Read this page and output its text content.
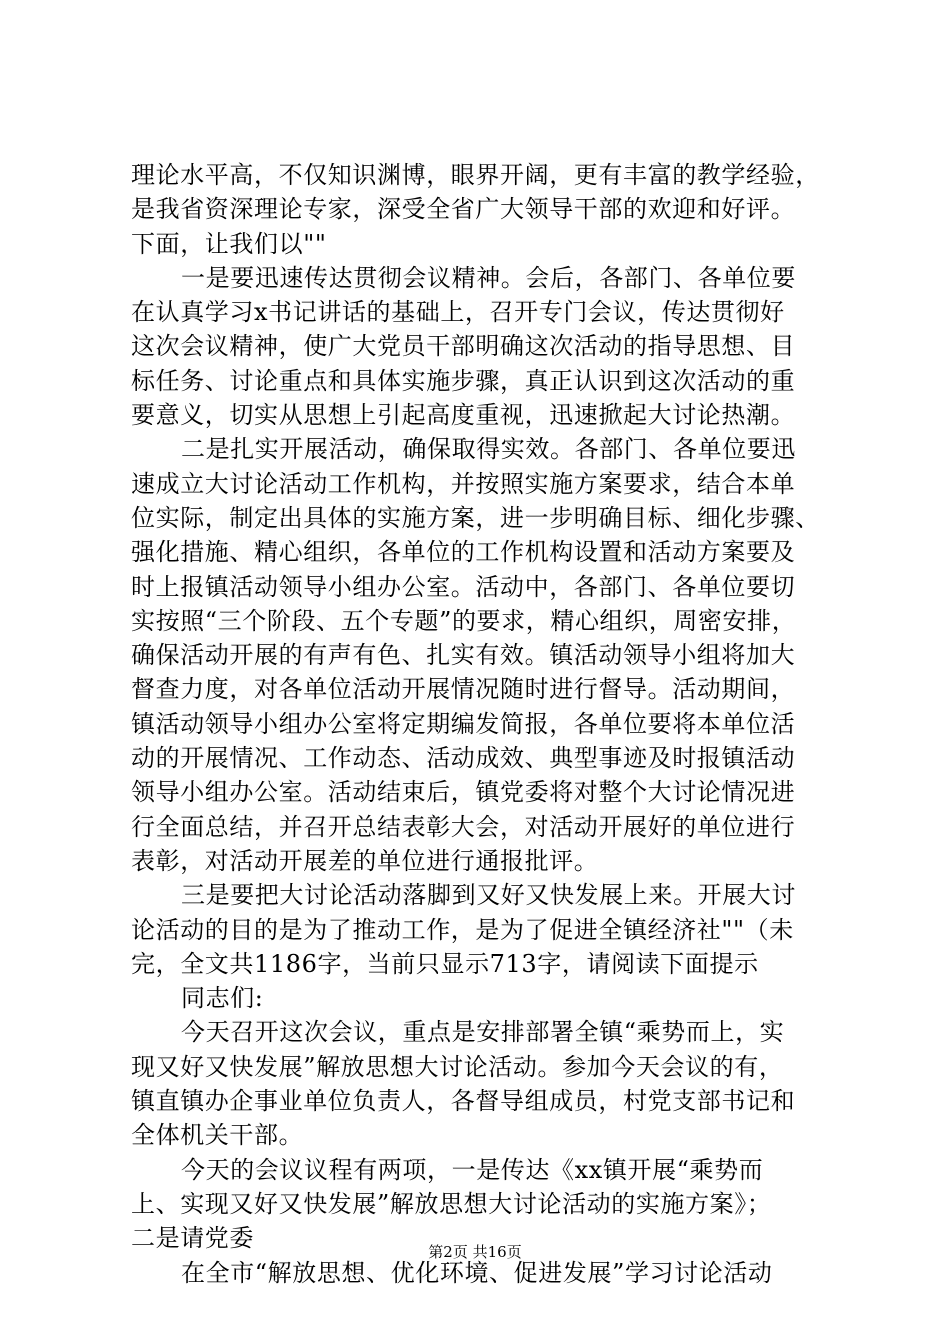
理论水平高，不仅知识渊博，眼界开阔，更有丰富的教学经验，
是我省资深理论专家，深受全省广大领导干部的欢迎和好评。
下面，让我们以""
一是要迅速传达贯彻会议精神。会后，各部门、各单位要
在认真学习x书记讲话的基础上，召开专门会议，传达贯彻好
这次会议精神，使广大党员干部明确这次活动的指导思想、目
标任务、讨论重点和具体实施步骤，真正认识到这次活动的重
要意义，切实从思想上引起高度重视，迅速掀起大讨论热潮。
二是扎实开展活动，确保取得实效。各部门、各单位要迅
速成立大讨论活动工作机构，并按照实施方案要求，结合本单
位实际，制定出具体的实施方案，进一步明确目标、细化步骤、
强化措施、精心组织，各单位的工作机构设置和活动方案要及
时上报镇活动领导小组办公室。活动中，各部门、各单位要切
实按照“三个阶段、五个专题”的要求，精心组织，周密安排，
确保活动开展的有声有色、扎实有效。镇活动领导小组将加大
督查力度，对各单位活动开展情况随时进行督导。活动期间，
镇活动领导小组办公室将定期编发简报，各单位要将本单位活
动的开展情况、工作动态、活动成效、典型事迹及时报镇活动
领导小组办公室。活动结束后，镇党委将对整个大讨论情况进
行全面总结，并召开总结表彰大会，对活动开展好的单位进行
表彰，对活动开展差的单位进行通报批评。
三是要把大讨论活动落脚到又好又快发展上来。开展大讨
论活动的目的是为了推动工作，是为了促进全镇经济社""（未
完，全文共1186字，当前只显示713字，请阅读下面提示
同志们:
今天召开这次会议，重点是安排部署全镇“乘势而上，实
现又好又快发展”解放思想大讨论活动。参加今天会议的有，
镇直镇办企事业单位负责人，各督导组成员，村党支部书记和
全体机关干部。
今天的会议议程有两项，一是传达《xx镇开展“乘势而
上、实现又好又快发展”解放思想大讨论活动的实施方案》；
二是请党委
在全市“解放思想、优化环境、促进发展”学习讨论活动
第2页 共16页
